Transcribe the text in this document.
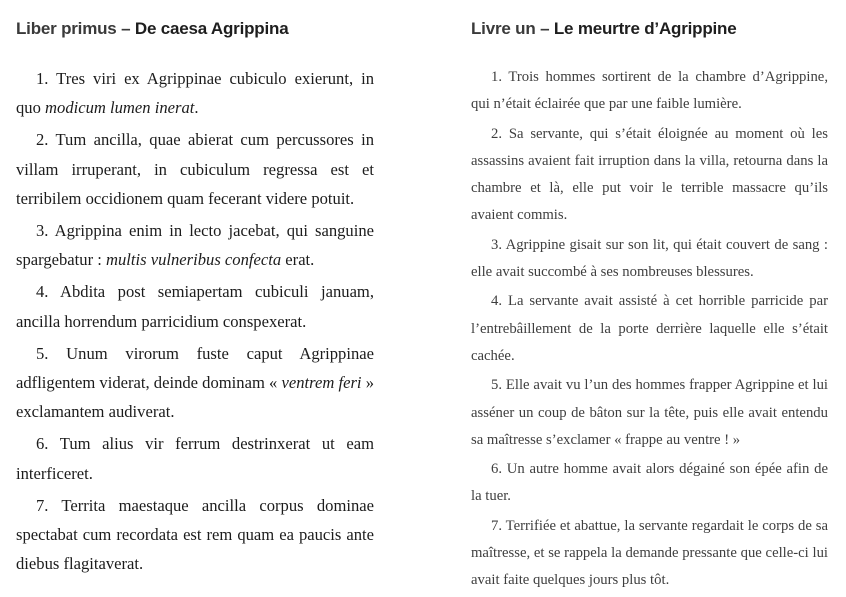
Liber primus – De caesa Agrippina

1. Tres viri ex Agrippinae cubiculo exierunt, in quo modicum lumen inerat.

2. Tum ancilla, quae abierat cum percussores in villam irruperant, in cubiculum regressa est et terribilem occidionem quam fecerant videre potuit.

3. Agrippina enim in lecto jacebat, qui sanguine spargebatur : multis vulneribus confecta erat.

4. Abdita post semiapertam cubiculi januam, ancilla horrendum parricidium conspexerat.

5. Unum virorum fuste caput Agrippinae adfligentem viderat, deinde dominam « ventrem feri » exclamantem audiverat.

6. Tum alius vir ferrum destrinxerat ut eam interficeret.

7. Territa maestaque ancilla corpus dominae spectabat cum recordata est rem quam ea paucis ante diebus flagitaverat.

Livre un – Le meurtre d’Agrippine

1. Trois hommes sortirent de la chambre d’Agrippine, qui n’était éclairée que par une faible lumière.

2. Sa servante, qui s’était éloignée au moment où les assassins avaient fait irruption dans la villa, retourna dans la chambre et là, elle put voir le terrible massacre qu’ils avaient commis.

3. Agrippine gisait sur son lit, qui était couvert de sang : elle avait succombé à ses nombreuses blessures.

4. La servante avait assisté à cet horrible parricide par l’entrebâillement de la porte derrière laquelle elle s’était cachée.

5. Elle avait vu l’un des hommes frapper Agrippine et lui asséner un coup de bâton sur la tête, puis elle avait entendu sa maîtresse s’exclamer « frappe au ventre ! »

6. Un autre homme avait alors dégainé son épée afin de la tuer.

7. Terrifiée et abattue, la servante regardait le corps de sa maîtresse, et se rappela la demande pressante que celle-ci lui avait faite quelques jours plus tôt.
